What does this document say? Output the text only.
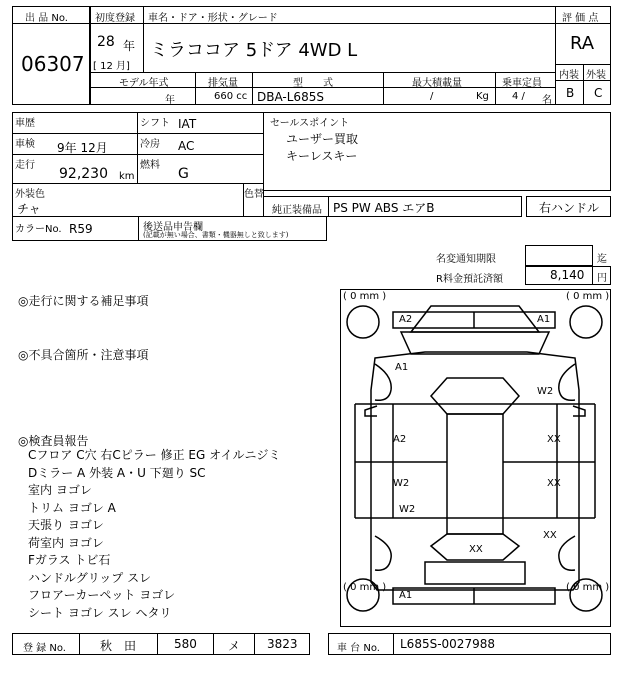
出 品 No.
06307
初度登録
28 年
[ 12 月]
車名・ドア・形状・グレード
ミラココア 5ドア 4WD L
評 価 点
RA
内装 外装
B C
モデル年式	排気量	型　　式	最大積載量	乗車定員
年	660 cc DBA-L685S	/	Kg 4 / 名
車歴	シフト IAT
車検 9年 12月	冷房 AC
走行
92,230 km
燃料
G
セールスポイント
ユーザー買取
キーレスキー
外装色
チャ
色替
純正装備品 PS PW ABS エアB	右ハンドル
カラーNo. R59	後送品申告欄
(記載が無い場合、書類・機器無しと致します)
名変通知期限	迄
R料金預託済額	8,140 円
◎走行に関する補足事項
◎不具合箇所・注意事項
◎検査員報告
Cフロア C穴 右Cピラー 修正 EG オイルニジミ
Dミラー A 外装 A・U 下廻り SC
室内 ヨゴレ
トリム ヨゴレ A
天張り ヨゴレ
荷室内 ヨゴレ
Fガラス トビ石
ハンドルグリップ スレ
フロアーカーペット ヨゴレ
シート ヨゴレ スレ ヘタリ
( 0 mm )	( 0 mm )
( 0 mm )	( 0 mm )
A2	A1
A1
W2
A2	XX
W2	XX
W2
XX
XX
A1
登 録 No.	秋　田	580	メ 3823	車 台 No. L685S-0027988
